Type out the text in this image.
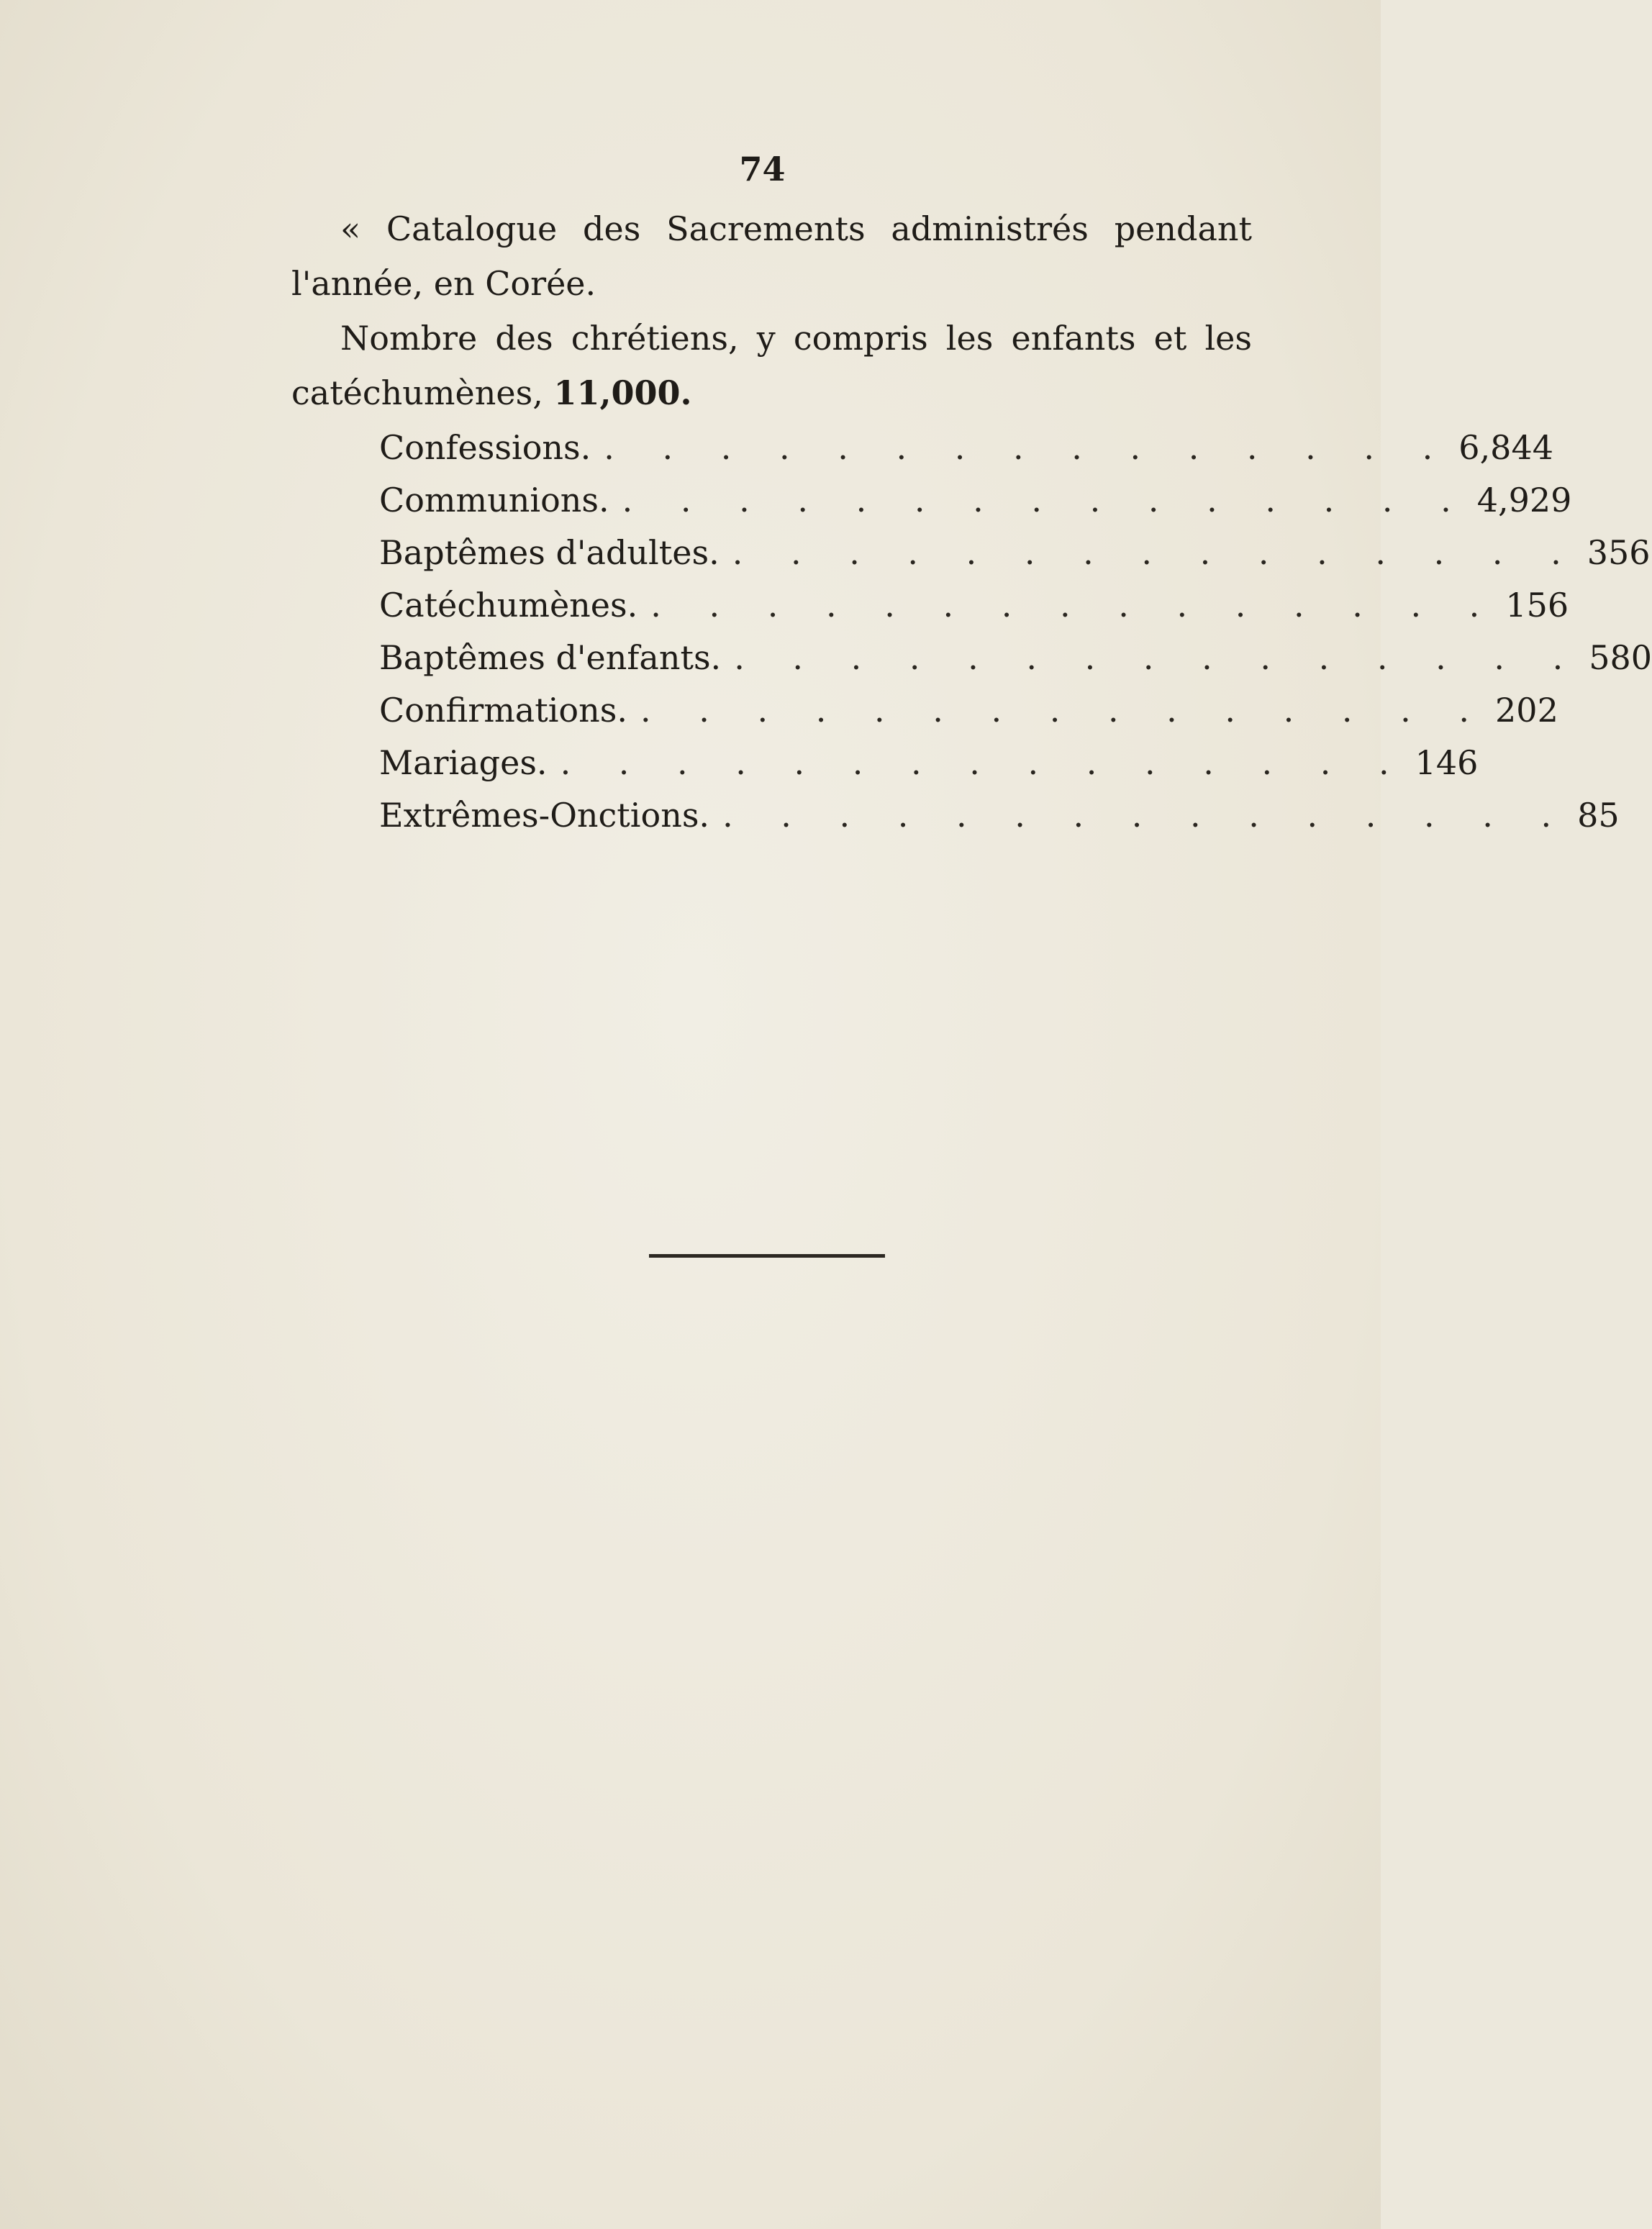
74

« Catalogue des Sacrements administrés pendant l'année, en Corée.

Nombre des chrétiens, y compris les enfants et les catéchumènes, 11,000.

Confessions. . . . . . . . . . . . . . . . 6,844
Communions. . . . . . . . . . . . . . . . 4,929
Baptêmes d'adultes. . . . . . . . . . . . . . . . 356
Catéchumènes. . . . . . . . . . . . . . . . 156
Baptêmes d'enfants. . . . . . . . . . . . . . . . 580
Confirmations. . . . . . . . . . . . . . . . 202
Mariages. . . . . . . . . . . . . . . . 146
Extrêmes-Onctions. . . . . . . . . . . . . . . . 85
